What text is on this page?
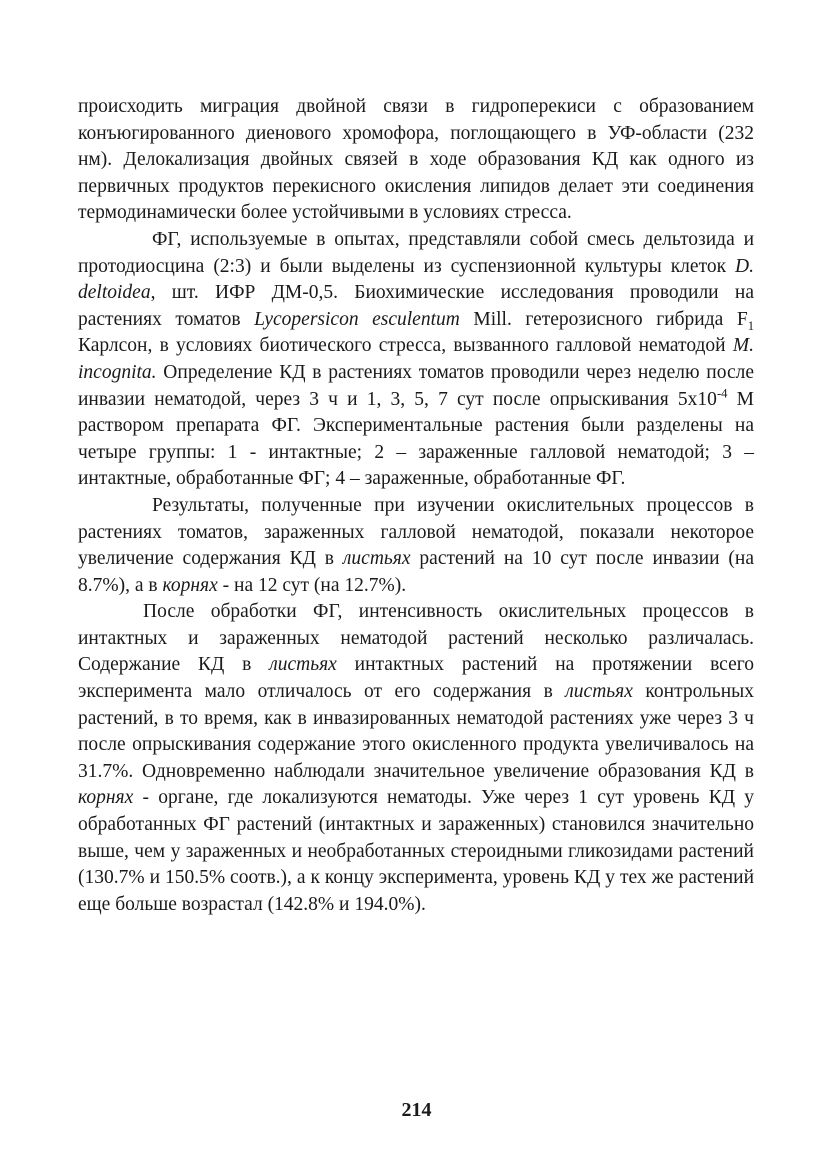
происходить миграция двойной связи в гидроперекиси с образованием конъюгированного диенового хромофора, поглощающего в УФ-области (232 нм). Делокализация двойных связей в ходе образования КД как одного из первичных продуктов перекисного окисления липидов делает эти соединения термодинамически более устойчивыми в условиях стресса.

ФГ, используемые в опытах, представляли собой смесь дельтозида и протодиосцина (2:3) и были выделены из суспензионной культуры клеток D. deltoidea, шт. ИФР ДМ-0,5. Биохимические исследования проводили на растениях томатов Lycopersicon esculentum Mill. гетерозисного гибрида $F_1$ Карлсон, в условиях биотического стресса, вызванного галловой нематодой M. incognita. Определение КД в растениях томатов проводили через неделю после инвазии нематодой, через 3 ч и 1, 3, 5, 7 сут после опрыскивания $5x10^{-4}$ М раствором препарата ФГ. Экспериментальные растения были разделены на четыре группы: 1 - интактные; 2 – зараженные галловой нематодой; 3 – интактные, обработанные ФГ; 4 – зараженные, обработанные ФГ.

Результаты, полученные при изучении окислительных процессов в растениях томатов, зараженных галловой нематодой, показали некоторое увеличение содержания КД в листьях растений на 10 сут после инвазии (на 8.7%), а в корнях - на 12 сут (на 12.7%).

После обработки ФГ, интенсивность окислительных процессов в интактных и зараженных нематодой растений несколько различалась. Содержание КД в листьях интактных растений на протяжении всего эксперимента мало отличалось от его содержания в листьях контрольных растений, в то время, как в инвазированных нематодой растениях уже через 3 ч после опрыскивания содержание этого окисленного продукта увеличивалось на 31.7%. Одновременно наблюдали значительное увеличение образования КД в корнях - органе, где локализуются нематоды. Уже через 1 сут уровень КД у обработанных ФГ растений (интактных и зараженных) становился значительно выше, чем у зараженных и необработанных стероидными гликозидами растений (130.7% и 150.5% соотв.), а к концу эксперимента, уровень КД у тех же растений еще больше возрастал (142.8% и 194.0%).

214
